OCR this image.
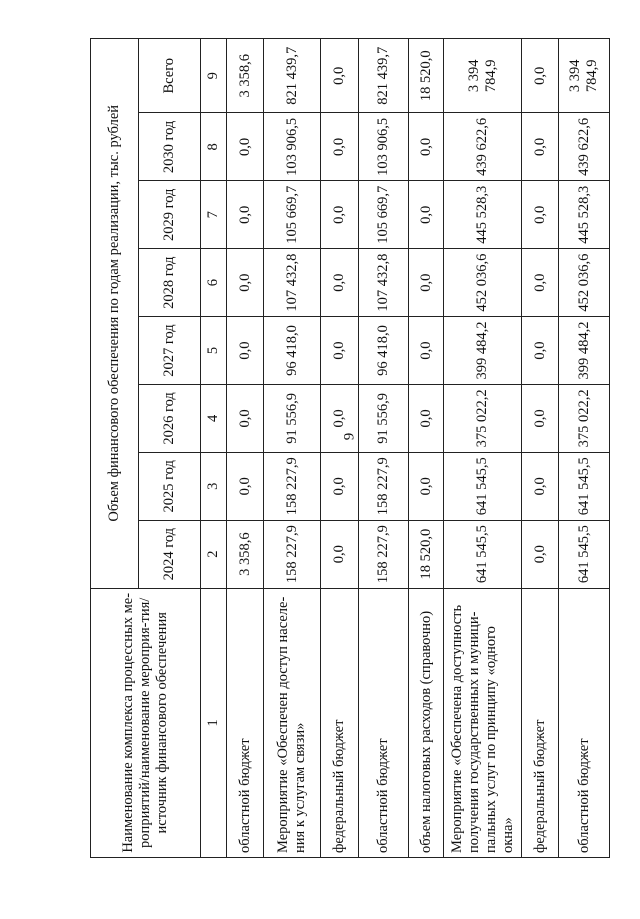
9
Наименование комплекса процессных ме-роприятий/наименование мероприя-тия/источник финансового обеспечения	Объем финансового обеспечения по годам реализации, тыс. рублей							
	2024 год	2025 год	2026 год	2027 год	2028 год	2029 год	2030 год	Всего
1	2	3	4	5	6	7	8	9
областной бюджет	3 358,6	0,0	0,0	0,0	0,0	0,0	0,0	3 358,6
Мероприятие «Обеспечен доступ населе-ния к услугам связи»	158 227,9	158 227,9	91 556,9	96 418,0	107 432,8	105 669,7	103 906,5	821 439,7
федеральный бюджет	0,0	0,0	0,0	0,0	0,0	0,0	0,0	0,0
областной бюджет	158 227,9	158 227,9	91 556,9	96 418,0	107 432,8	105 669,7	103 906,5	821 439,7
объем налоговых расходов (справочно)	18 520,0	0,0	0,0	0,0	0,0	0,0	0,0	18 520,0
Мероприятие «Обеспечена доступность получения государственных и муници-пальных услуг по принципу «одного окна»	641 545,5	641 545,5	375 022,2	399 484,2	452 036,6	445 528,3	439 622,6	3 394 784,9
федеральный бюджет	0,0	0,0	0,0	0,0	0,0	0,0	0,0	0,0
областной бюджет	641 545,5	641 545,5	375 022,2	399 484,2	452 036,6	445 528,3	439 622,6	3 394 784,9
